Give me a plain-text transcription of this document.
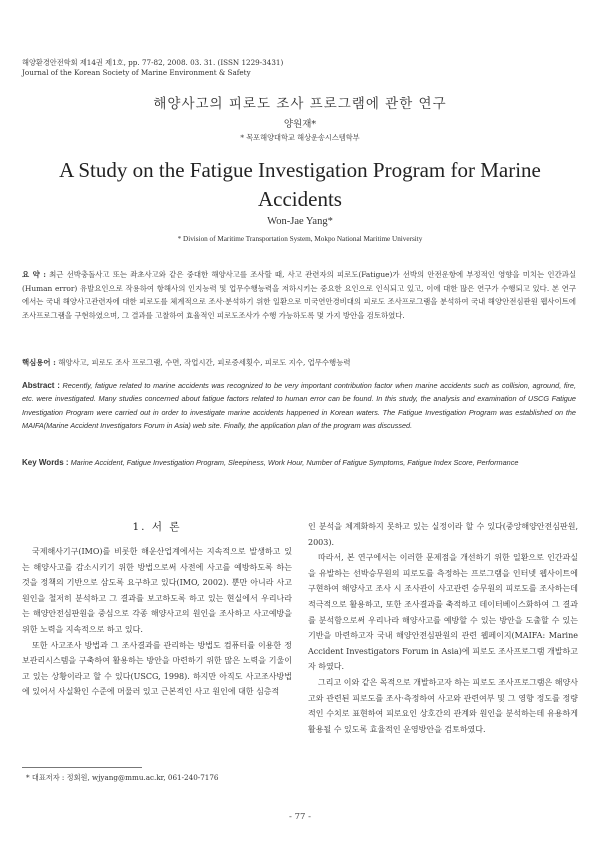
해양환경안전학회 제14권 제1호, pp. 77-82, 2008. 03. 31. (ISSN 1229-3431)
Journal of the Korean Society of Marine Environment & Safety
해양사고의 피로도 조사 프로그램에 관한 연구
양원재*
* 목포해양대학교 해상운송시스템학부
A Study on the Fatigue Investigation Program for Marine Accidents
Won-Jae Yang*
* Division of Maritime Transportation System, Mokpo National Maritime University
요 약 : 최근 선박충돌사고 또는 좌초사고와 같은 중대한 해양사고를 조사할 때, 사고 관련자의 피로도(Fatigue)가 선박의 안전운항에 부정적인 영향을 미치는 인간과실(Human error) 유발요인으로 작용하여 항해사의 인지능력 및 업무수행능력을 저하시키는 중요한 요인으로 인식되고 있고, 이에 대한 많은 연구가 수행되고 있다. 본 연구에서는 국내 해양사고관련자에 대한 피로도를 체계적으로 조사·분석하기 위한 일환으로 미국연안경비대의 피로도 조사프로그램을 분석하여 국내 해양안전심판원 웹사이트에 조사프로그램을 구현하였으며, 그 결과를 고찰하여 효율적인 피로도조사가 수행 가능하도록 몇 가지 방안을 검토하였다.
핵심용어 : 해양사고, 피로도 조사 프로그램, 수면, 작업시간, 피로증세횟수, 피로도 지수, 업무수행능력
Abstract : Recently, fatigue related to marine accidents was recognized to be very important contribution factor when marine accidents such as collision, aground, fire, etc. were investigated. Many studies concerned about fatigue factors related to human error can be found. In this study, the analysis and examination of USCG Fatigue Investigation Program were carried out in order to investigate marine accidents happened in Korean waters. The Fatigue Investigation Program was established on the MAIFA(Marine Accident Investigators Forum in Asia) web site. Finally, the application plan of the program was discussed.
Key Words : Marine Accident, Fatigue Investigation Program, Sleepiness, Work Hour, Number of Fatigue Symptoms, Fatigue Index Score, Performance
1. 서 론
국제해사기구(IMO)를 비롯한 해운산업계에서는 지속적으로 발생하고 있는 해양사고를 감소시키기 위한 방법으로써 사전에 사고를 예방하도록 하는 것을 정책의 기반으로 삼도록 요구하고 있다(IMO, 2002). 뿐만 아니라 사고원인을 철저히 분석하고 그 결과를 보고하도록 하고 있는 현실에서 우리나라는 해양안전심판원을 중심으로 각종 해양사고의 원인을 조사하고 사고예방을 위한 노력을 지속적으로 하고 있다.
또한 사고조사 방법과 그 조사결과를 관리하는 방법도 컴퓨터를 이용한 정보관리시스템을 구축하여 활용하는 방안을 마련하기 위한 많은 노력을 기울이고 있는 상황이라고 할 수 있다(USCG, 1998). 하지만 아직도 사고조사방법에 있어서 사실확인 수준에 머물러 있고 근본적인 사고 원인에 대한 심층적
인 분석을 체계화하지 못하고 있는 실정이라 할 수 있다(중앙해양안전심판원, 2003).
따라서, 본 연구에서는 이러한 문제점을 개선하기 위한 일환으로 인간과실을 유발하는 선박승무원의 피로도를 측정하는 프로그램을 인터넷 웹사이트에 구현하여 해양사고 조사 시 조사관이 사고관련 승무원의 피로도를 조사하는데 적극적으로 활용하고, 또한 조사결과를 축적하고 데이터베이스화하여 그 결과를 분석함으로써 우리나라 해양사고를 예방할 수 있는 방안을 도출할 수 있는 기반을 마련하고자 국내 해양안전심판원의 관련 웹페이지(MAIFA: Marine Accident Investigators Forum in Asia)에 피로도 조사프로그램 개발하고자 하였다.
그리고 이와 같은 목적으로 개발하고자 하는 피로도 조사프로그램은 해양사고와 관련된 피로도를 조사·측정하여 사고와 관련여부 및 그 영향 정도를 정량적인 수치로 표현하여 피로요인 상호간의 관계와 원인을 분석하는데 유용하게 활용될 수 있도록 효율적인 운영방안을 검토하였다.
* 대표저자 : 정회원, wjyang@mmu.ac.kr, 061-240-7176
- 77 -
